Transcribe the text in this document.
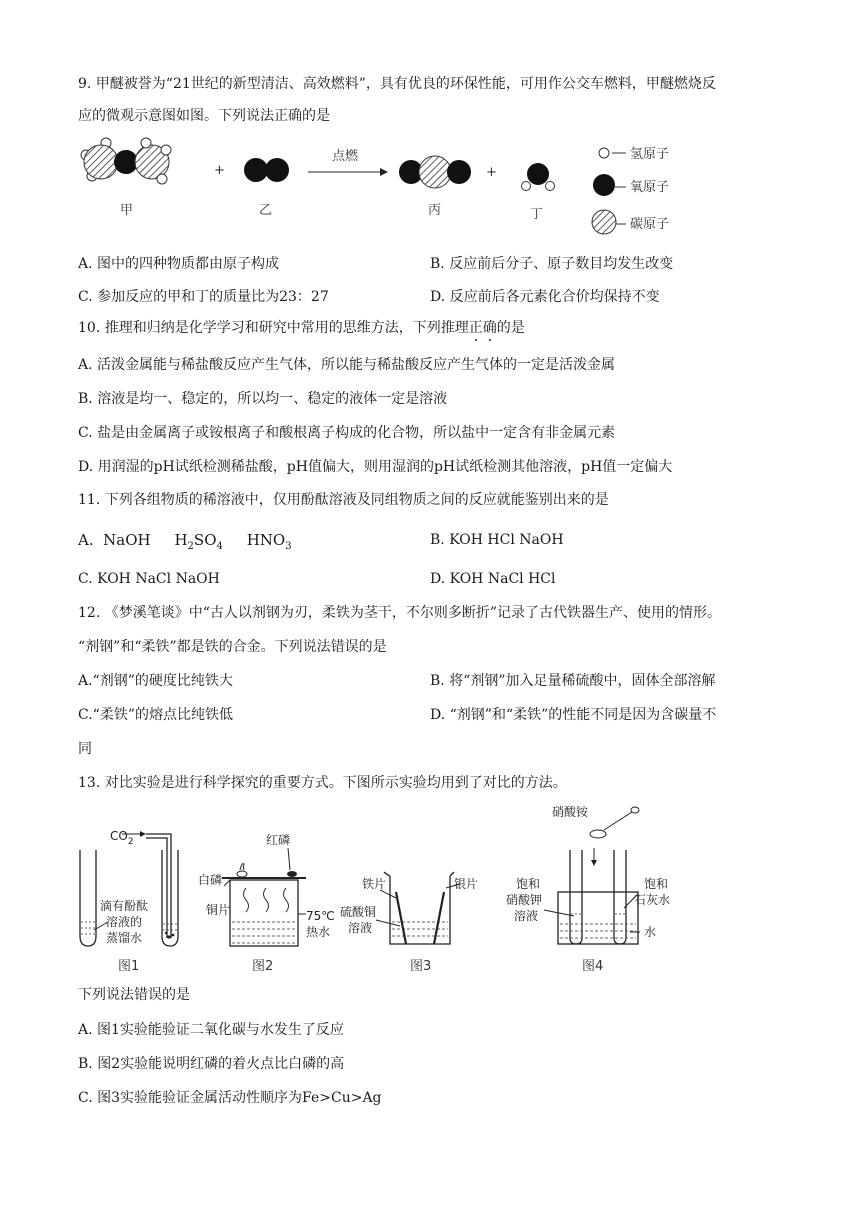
9. 甲醚被誉为“21世纪的新型清洁、高效燃料”，具有优良的环保性能，可用作公交车燃料，甲醚燃烧反
应的微观示意图如图。下列说法正确的是
+
点燃
+
氢原子
氧原子
碳原子
甲	乙	丙	丁
A. 图中的四种物质都由原子构成	B. 反应前后分子、原子数目均发生改变
C. 参加反应的甲和丁的质量比为23：27	D. 反应前后各元素化合价均保持不变
10. 推理和归纳是化学学习和研究中常用的思维方法，下列推理正确的是
A. 活泼金属能与稀盐酸反应产生气体，所以能与稀盐酸反应产生气体的一定是活泼金属
B. 溶液是均一、稳定的，所以均一、稳定的液体一定是溶液
C. 盐是由金属离子或铵根离子和酸根离子构成的化合物，所以盐中一定含有非金属元素
D. 用润湿的pH试纸检测稀盐酸，pH值偏大，则用湿润的pH试纸检测其他溶液，pH值一定偏大
11. 下列各组物质的稀溶液中，仅用酚酞溶液及同组物质之间的反应就能鉴别出来的是
A. NaOH $H_2SO_4$ $HNO_3$	B. KOH HCl NaOH
C. KOH NaCl NaOH	D. KOH NaCl HCl
12. 《梦溪笔谈》中“古人以剂钢为刃，柔铁为茎干，不尔则多断折”记录了古代铁器生产、使用的情形。
“剂钢”和“柔铁”都是铁的合金。下列说法错误的是
A.“剂钢”的硬度比纯铁大	B. 将“剂钢”加入足量稀硫酸中，固体全部溶解
C.“柔铁”的熔点比纯铁低	D. “剂钢”和“柔铁”的性能不同是因为含碳量不
同
13. 对比实验是进行科学探究的重要方式。下图所示实验均用到了对比的方法。
$CO_2$
滴有酚酞
溶液的
蒸馏水
图1
红磷
白磷
铜片	75℃
热水
图2
铁片	银片
硫酸铜
溶液
图3
硝酸铵
饱和
硝酸钾
溶液
饱和
石灰水
水
图4
下列说法错误的是
A. 图1实验能验证二氧化碳与水发生了反应
B. 图2实验能说明红磷的着火点比白磷的高
C. 图3实验能验证金属活动性顺序为Fe>Cu>Ag
